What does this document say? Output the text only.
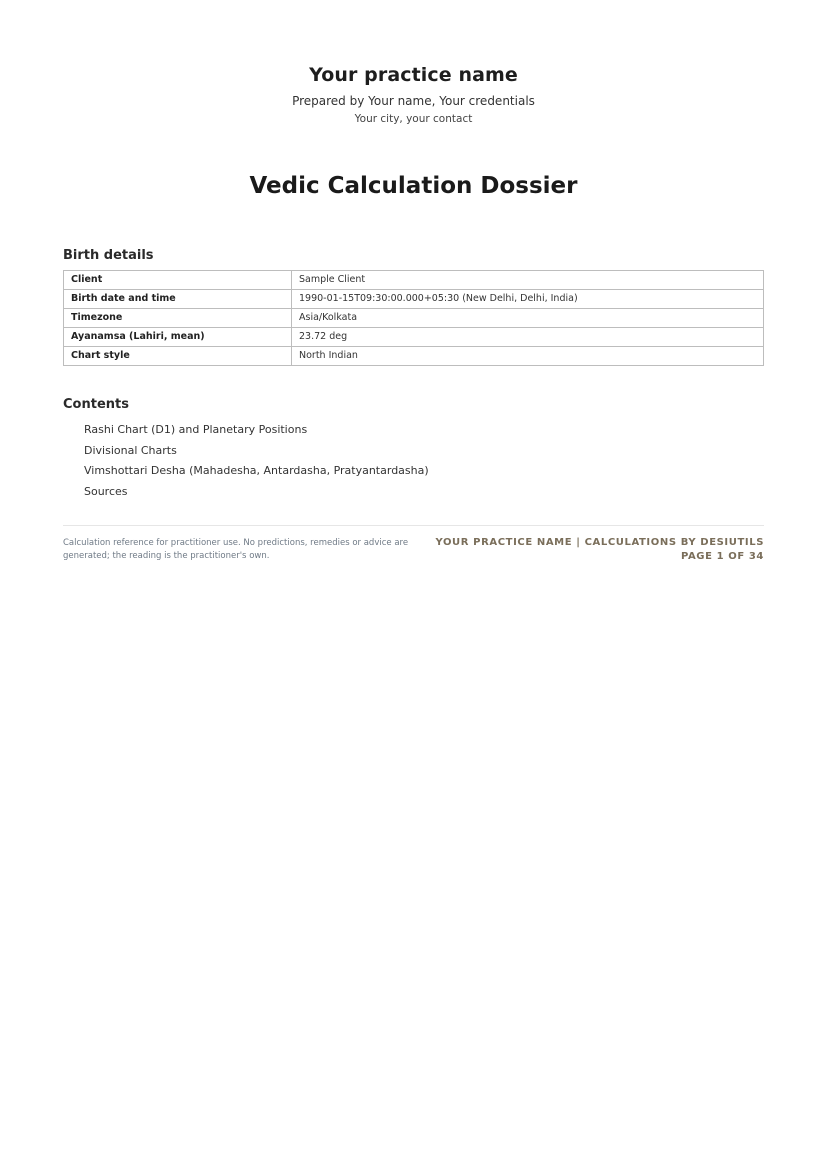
Your practice name
Prepared by Your name, Your credentials
Your city, your contact
Vedic Calculation Dossier
Birth details
Client	Sample Client
Birth date and time	1990-01-15T09:30:00.000+05:30 (New Delhi, Delhi, India)
Timezone	Asia/Kolkata
Ayanamsa (Lahiri, mean)	23.72 deg
Chart style	North Indian
Contents
Rashi Chart (D1) and Planetary Positions
Divisional Charts
Vimshottari Desha (Mahadesha, Antardasha, Pratyantardasha)
Sources
Calculation reference for practitioner use. No predictions, remedies or advice are generated; the reading is the practitioner's own.
YOUR PRACTICE NAME | CALCULATIONS BY DESIUTILS
PAGE 1 OF 34
